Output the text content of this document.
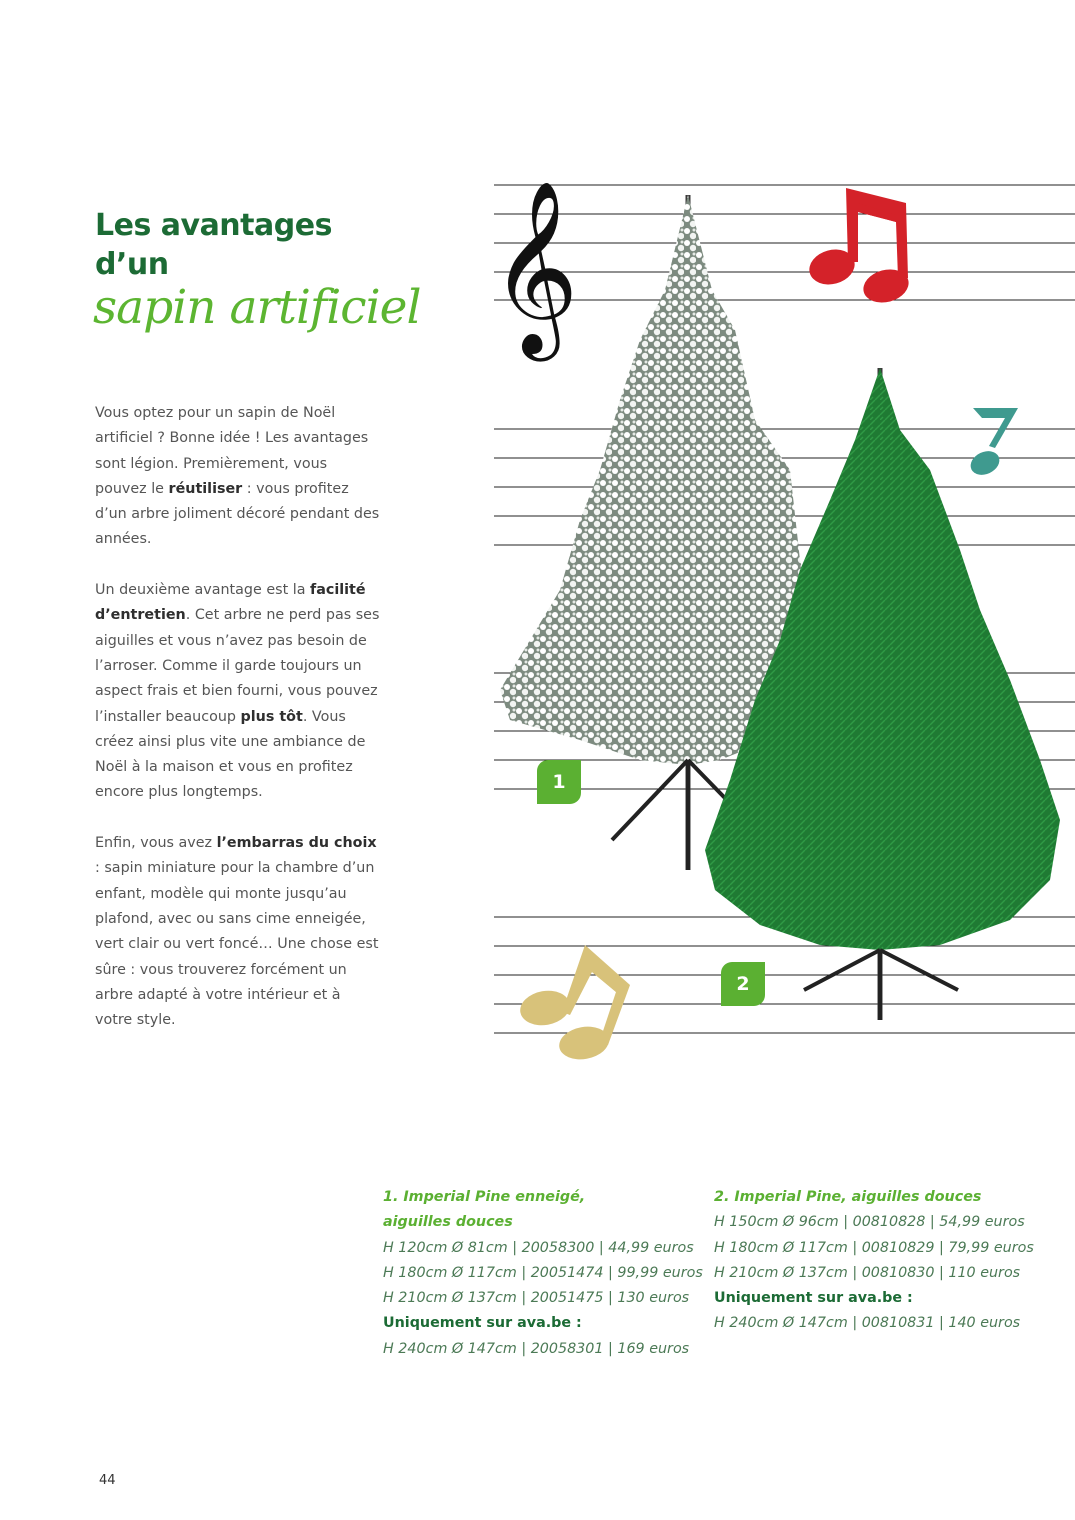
Les avantages
d’un
sapin artificiel

Vous optez pour un sapin de Noël artificiel ? Bonne idée ! Les avantages sont légion. Premièrement, vous pouvez le réutiliser : vous profitez d’un arbre joliment décoré pendant des années.

Un deuxième avantage est la facilité d’entretien. Cet arbre ne perd pas ses aiguilles et vous n’avez pas besoin de l’arroser. Comme il garde toujours un aspect frais et bien fourni, vous pouvez l’installer beaucoup plus tôt. Vous créez ainsi plus vite une ambiance de Noël à la maison et vous en profitez encore plus longtemps.

Enfin, vous avez l’embarras du choix : sapin miniature pour la chambre d’un enfant, modèle qui monte jusqu’au plafond, avec ou sans cime enneigée, vert clair ou vert foncé… Une chose est sûre : vous trouverez forcément un arbre adapté à votre intérieur et à votre style.

𝄞
1
2
1. Imperial Pine enneigé,
aiguilles douces
H 120cm Ø 81cm | 20058300 | 44,99 euros
H 180cm Ø 117cm | 20051474 | 99,99 euros
H 210cm Ø 137cm | 20051475 | 130 euros
Uniquement sur ava.be :
H 240cm Ø 147cm | 20058301 | 169 euros
2. Imperial Pine, aiguilles douces
H 150cm Ø 96cm | 00810828 | 54,99 euros
H 180cm Ø 117cm | 00810829 | 79,99 euros
H 210cm Ø 137cm | 00810830 | 110 euros
Uniquement sur ava.be :
H 240cm Ø 147cm | 00810831 | 140 euros
44
